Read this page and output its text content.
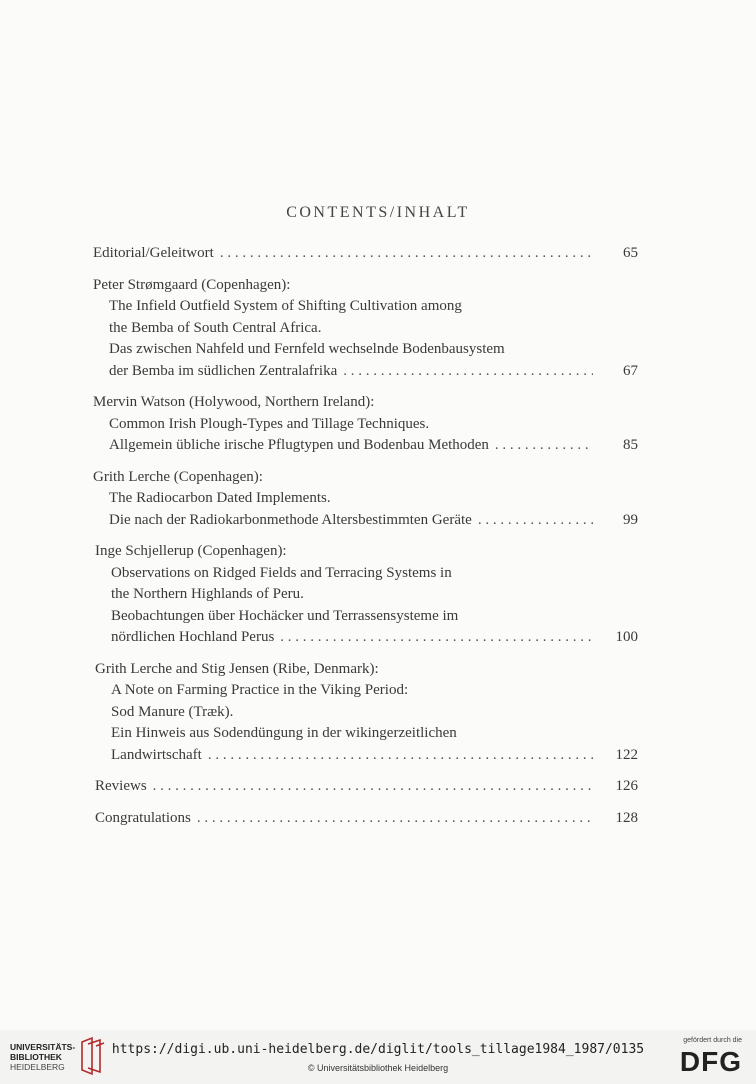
CONTENTS/INHALT
Editorial/Geleitwort . . .	65
Peter Strømgaard (Copenhagen):
The Infield Outfield System of Shifting Cultivation among
the Bemba of South Central Africa.
Das zwischen Nahfeld und Fernfeld wechselnde Bodenbausystem
der Bemba im südlichen Zentralafrika . . .	67
Mervin Watson (Holywood, Northern Ireland):
Common Irish Plough-Types and Tillage Techniques.
Allgemein übliche irische Pflugtypen und Bodenbau Methoden . . .	85
Grith Lerche (Copenhagen):
The Radiocarbon Dated Implements.
Die nach der Radiokarbonmethode Altersbestimmten Geräte . . .	99
Inge Schjellerup (Copenhagen):
Observations on Ridged Fields and Terracing Systems in
the Northern Highlands of Peru.
Beobachtungen über Hochäcker und Terrassensysteme im
nördlichen Hochland Perus . . .	100
Grith Lerche and Stig Jensen (Ribe, Denmark):
A Note on Farming Practice in the Viking Period:
Sod Manure (Træk).
Ein Hinweis aus Sodendüngung in der wikingerzeitlichen
Landwirtschaft . . .	122
Reviews . . .	126
Congratulations . . .	128
UNIVERSITÄTS-
BIBLIOTHEK
HEIDELBERG
https://digi.ub.uni-heidelberg.de/diglit/tools_tillage1984_1987/0135
© Universitätsbibliothek Heidelberg
gefördert durch die
DFG
